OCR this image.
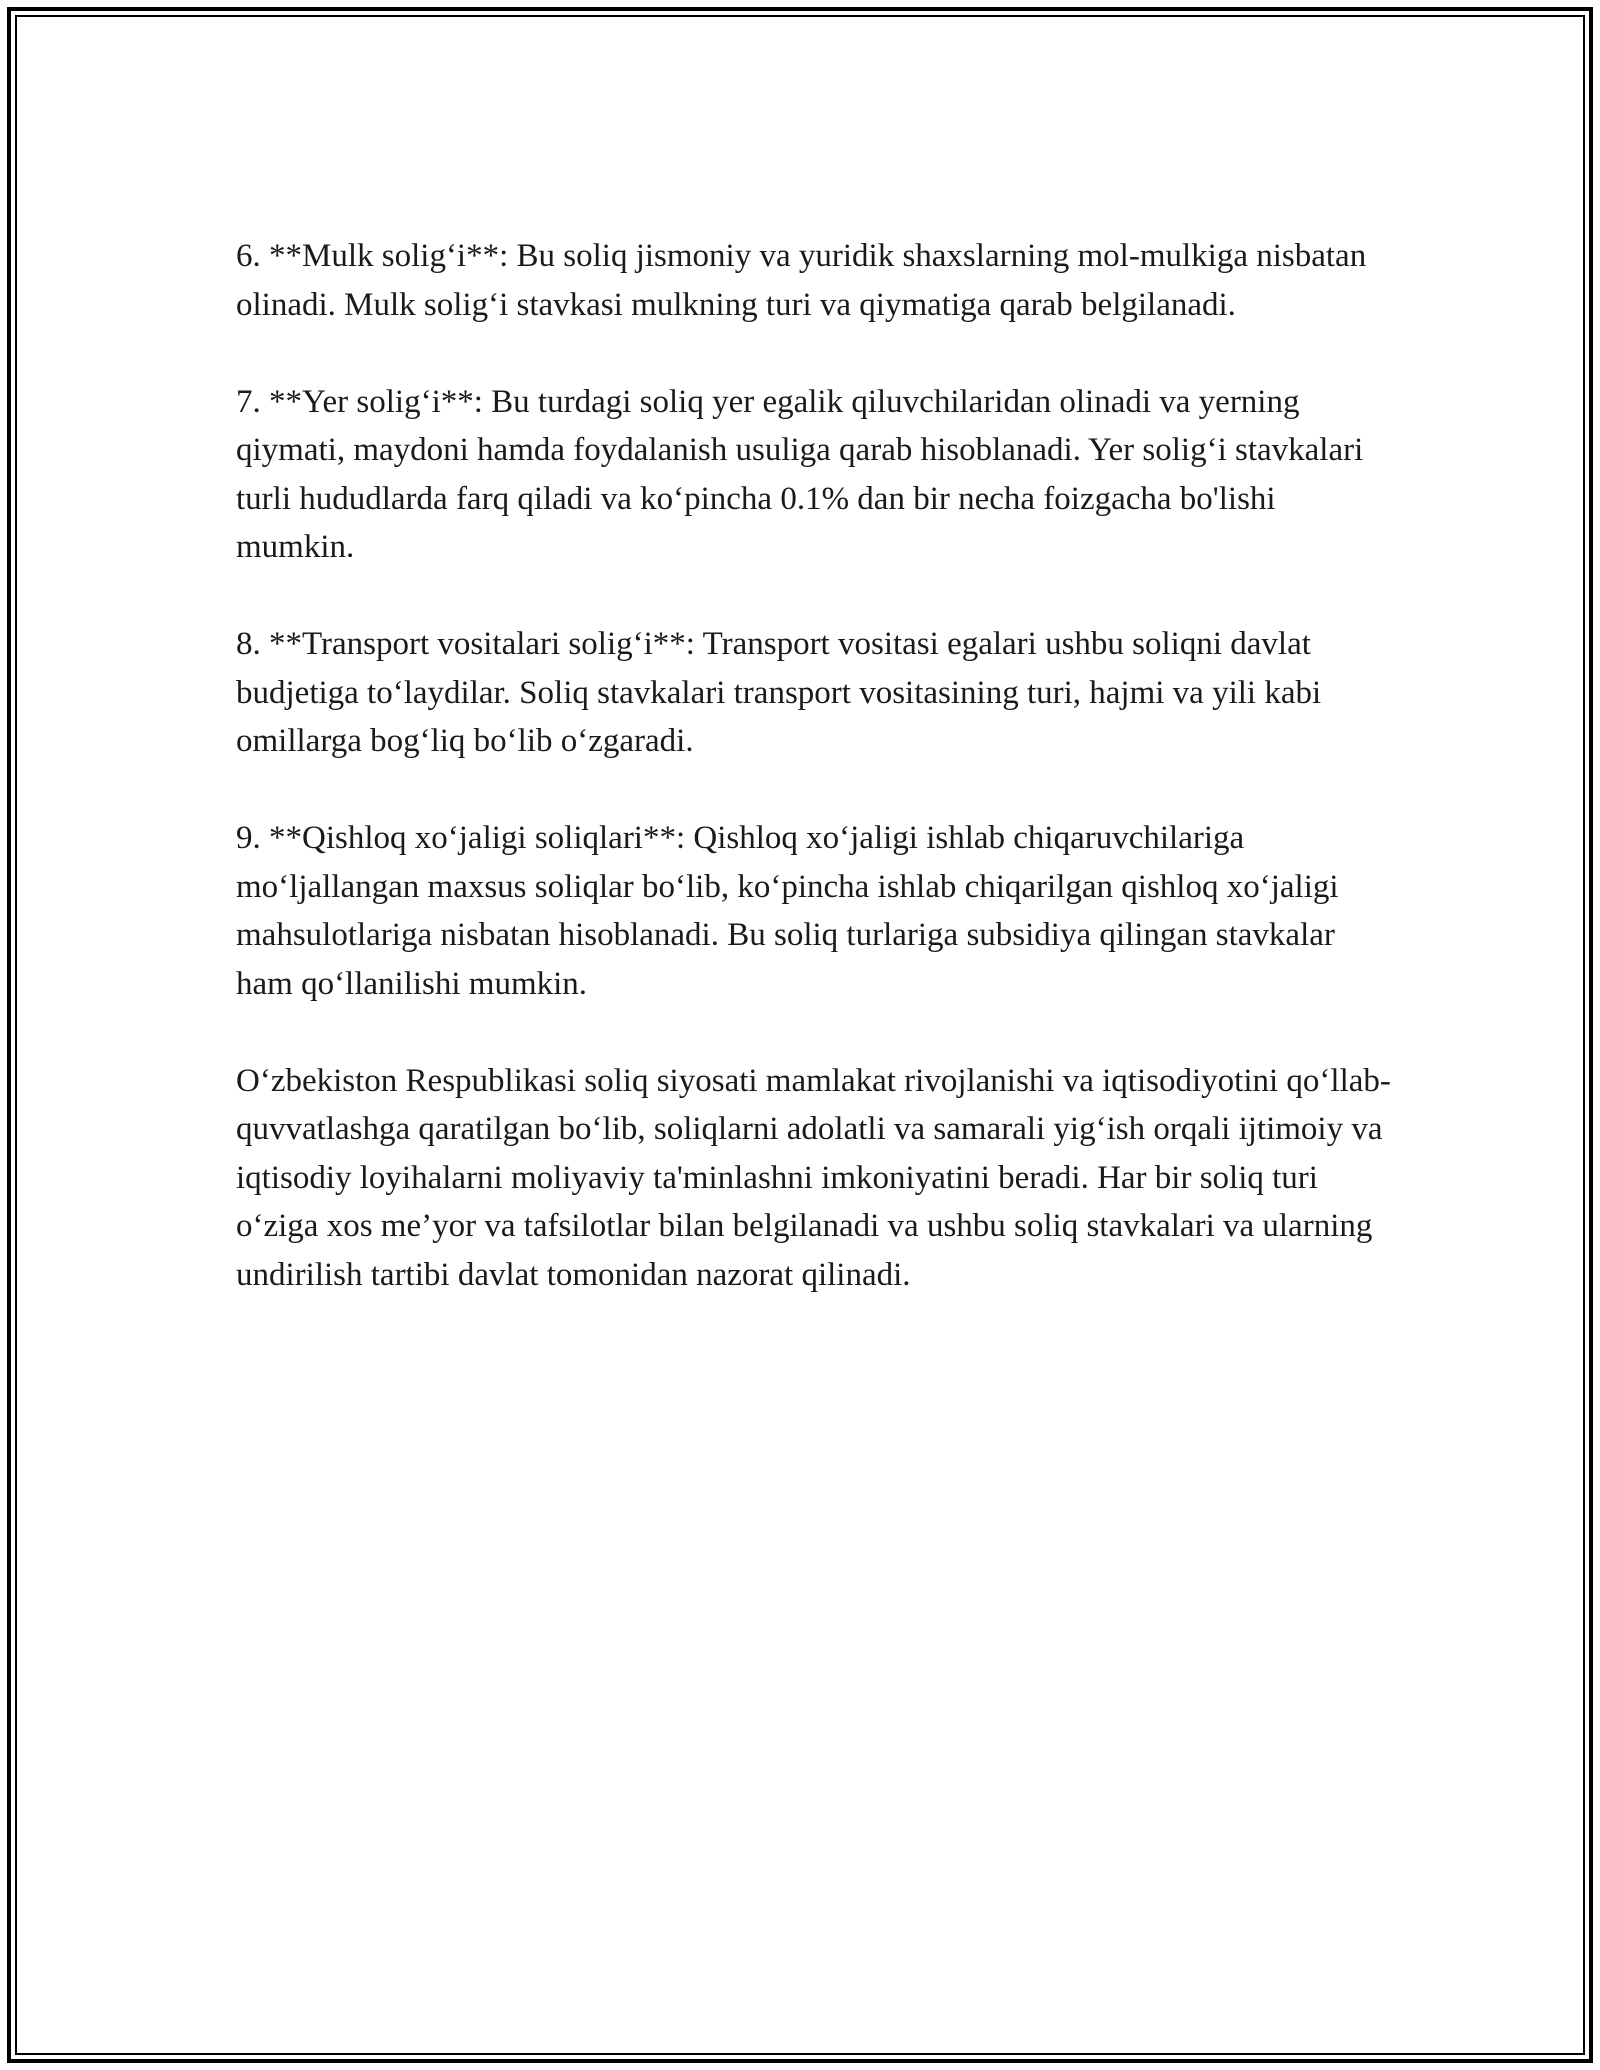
6. **Mulk solig‘i**: Bu soliq jismoniy va yuridik shaxslarning mol-mulkiga nisbatan olinadi. Mulk solig‘i stavkasi mulkning turi va qiymatiga qarab belgilanadi.

7. **Yer solig‘i**: Bu turdagi soliq yer egalik qiluvchilaridan olinadi va yerning qiymati, maydoni hamda foydalanish usuliga qarab hisoblanadi. Yer solig‘i stavkalari turli hududlarda farq qiladi va ko‘pincha 0.1% dan bir necha foizgacha bo'lishi mumkin.

8. **Transport vositalari solig‘i**: Transport vositasi egalari ushbu soliqni davlat budjetiga to‘laydilar. Soliq stavkalari transport vositasining turi, hajmi va yili kabi omillarga bog‘liq bo‘lib o‘zgaradi.

9. **Qishloq xo‘jaligi soliqlari**: Qishloq xo‘jaligi ishlab chiqaruvchilariga mo‘ljallangan maxsus soliqlar bo‘lib, ko‘pincha ishlab chiqarilgan qishloq xo‘jaligi mahsulotlariga nisbatan hisoblanadi. Bu soliq turlariga subsidiya qilingan stavkalar ham qo‘llanilishi mumkin.

O‘zbekiston Respublikasi soliq siyosati mamlakat rivojlanishi va iqtisodiyotini qo‘llab-quvvatlashga qaratilgan bo‘lib, soliqlarni adolatli va samarali yig‘ish orqali ijtimoiy va iqtisodiy loyihalarni moliyaviy ta'minlashni imkoniyatini beradi. Har bir soliq turi o‘ziga xos me’yor va tafsilotlar bilan belgilanadi va ushbu soliq stavkalari va ularning undirilish tartibi davlat tomonidan nazorat qilinadi.
